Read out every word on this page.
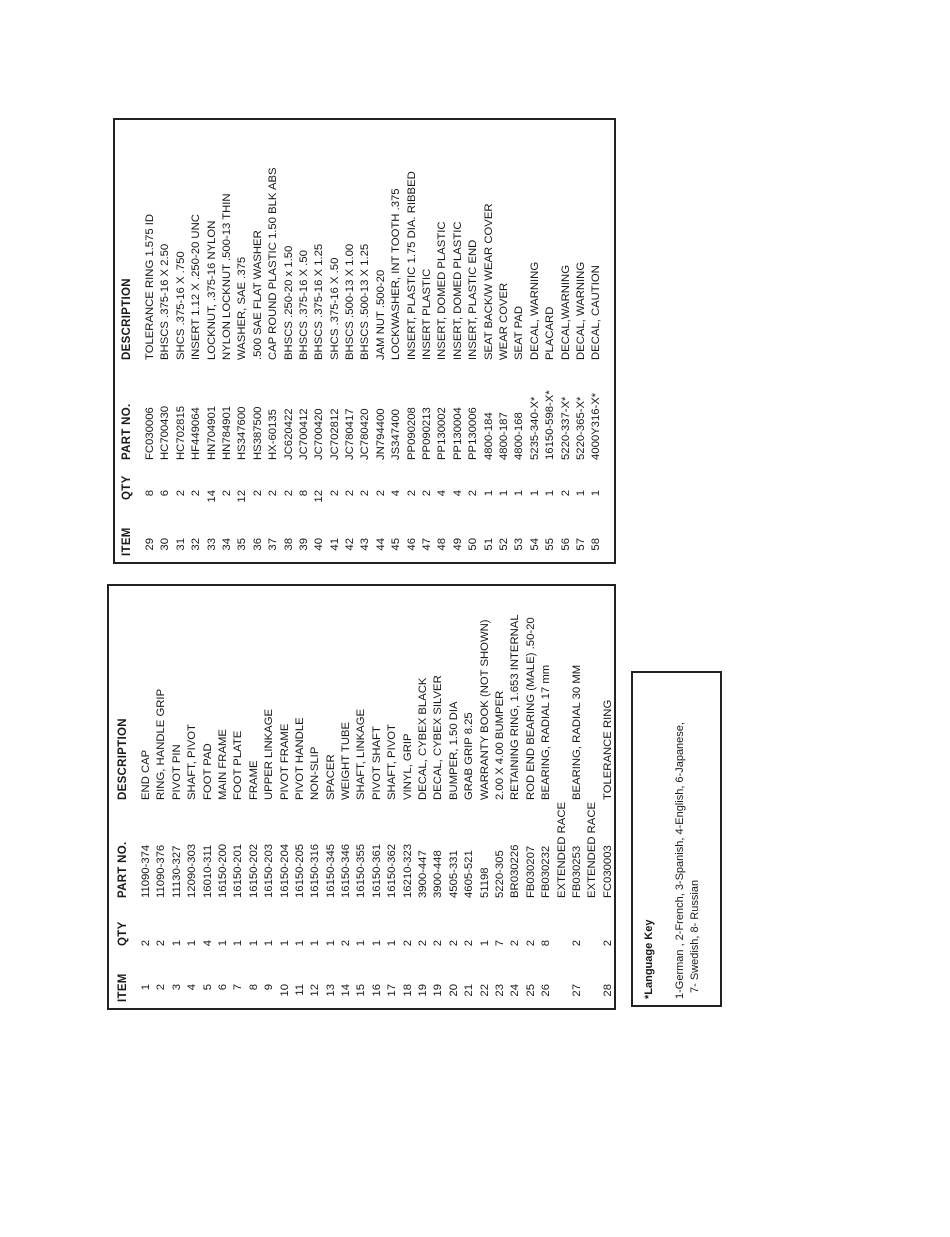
ITEM
QTY
PART NO.
DESCRIPTION
1
2
11090-374
END CAP
2
2
11090-376
RING, HANDLE GRIP
3
1
11130-327
PIVOT PIN
4
1
12090-303
SHAFT, PIVOT
5
4
16010-311
FOOT PAD
6
1
16150-200
MAIN FRAME
7
1
16150-201
FOOT PLATE
8
1
16150-202
FRAME
9
1
16150-203
UPPER LINKAGE
10
1
16150-204
PIVOT FRAME
11
1
16150-205
PIVOT HANDLE
12
1
16150-316
NON-SLIP
13
1
16150-345
SPACER
14
2
16150-346
WEIGHT TUBE
15
1
16150-355
SHAFT, LINKAGE
16
1
16150-361
PIVOT SHAFT
17
1
16150-362
SHAFT, PIVOT
18
2
16210-323
VINYL, GRIP
19
2
3900-447
DECAL, CYBEX BLACK
19
2
3900-448
DECAL, CYBEX SILVER
20
2
4505-331
BUMPER, 1.50 DIA
21
2
4605-521
GRAB GRIP 8.25
22
1
51198
WARRANTY BOOK (NOT SHOWN)
23
7
5220-305
2.00 X 4.00 BUMPER
24
2
BR030226
RETAINING RING, 1.653 INTERNAL
25
2
FB030207
ROD END BEARING (MALE) .50-20
26
8
FB030232
BEARING, RADIAL 17 mm
EXTENDED RACE
27
2
FB030253
BEARING, RADIAL 30 MM
EXTENDED RACE
28
2
FC030003
TOLERANCE RING
ITEM
QTY
PART NO.
DESCRIPTION
29
8
FC030006
TOLERANCE RING 1.575 ID
30
6
HC700430
BHSCS .375-16 X 2.50
31
2
HC702815
SHCS .375-16 X .750
32
2
HF449064
INSERT 1.12 X .250-20 UNC
33
14
HN704901
LOCKNUT, .375-16 NYLON
34
2
HN784901
NYLON LOCKNUT .500-13 THIN
35
12
HS347600
WASHER, SAE .375
36
2
HS387500
.500 SAE FLAT WASHER
37
2
HX-60135
CAP ROUND PLASTIC 1.50 BLK ABS
38
2
JC620422
BHSCS .250-20 x 1.50
39
8
JC700412
BHSCS .375-16 X .50
40
12
JC700420
BHSCS .375-16 X 1.25
41
2
JC702812
SHCS .375-16 X .50
42
2
JC780417
BHSCS .500-13 X 1.00
43
2
JC780420
BHSCS .500-13 X 1.25
44
2
JN794400
JAM NUT .500-20
45
4
JS347400
LOCKWASHER, INT TOOTH .375
46
2
PP090208
INSERT, PLASTIC 1.75 DIA. RIBBED
47
2
PP090213
INSERT PLASTIC
48
4
PP130002
INSERT, DOMED PLASTIC
49
4
PP130004
INSERT, DOMED PLASTIC
50
2
PP130006
INSERT, PLASTIC END
51
1
4800-184
SEAT BACK/W WEAR COVER
52
1
4800-187
WEAR COVER
53
1
4800-168
SEAT PAD
54
1
5235-340-X*
DECAL, WARNING
55
1
16150-598-X*
PLACARD
56
2
5220-337-X*
DECAL,WARNING
57
1
5220-365-X*
DECAL, WARNING
58
1
4000Y316-X*
DECAL, CAUTION
*Language Key 1-German , 2-French, 3-Spanish, 4-English, 6-Japanese, 7- Swedish, 8- Russian
